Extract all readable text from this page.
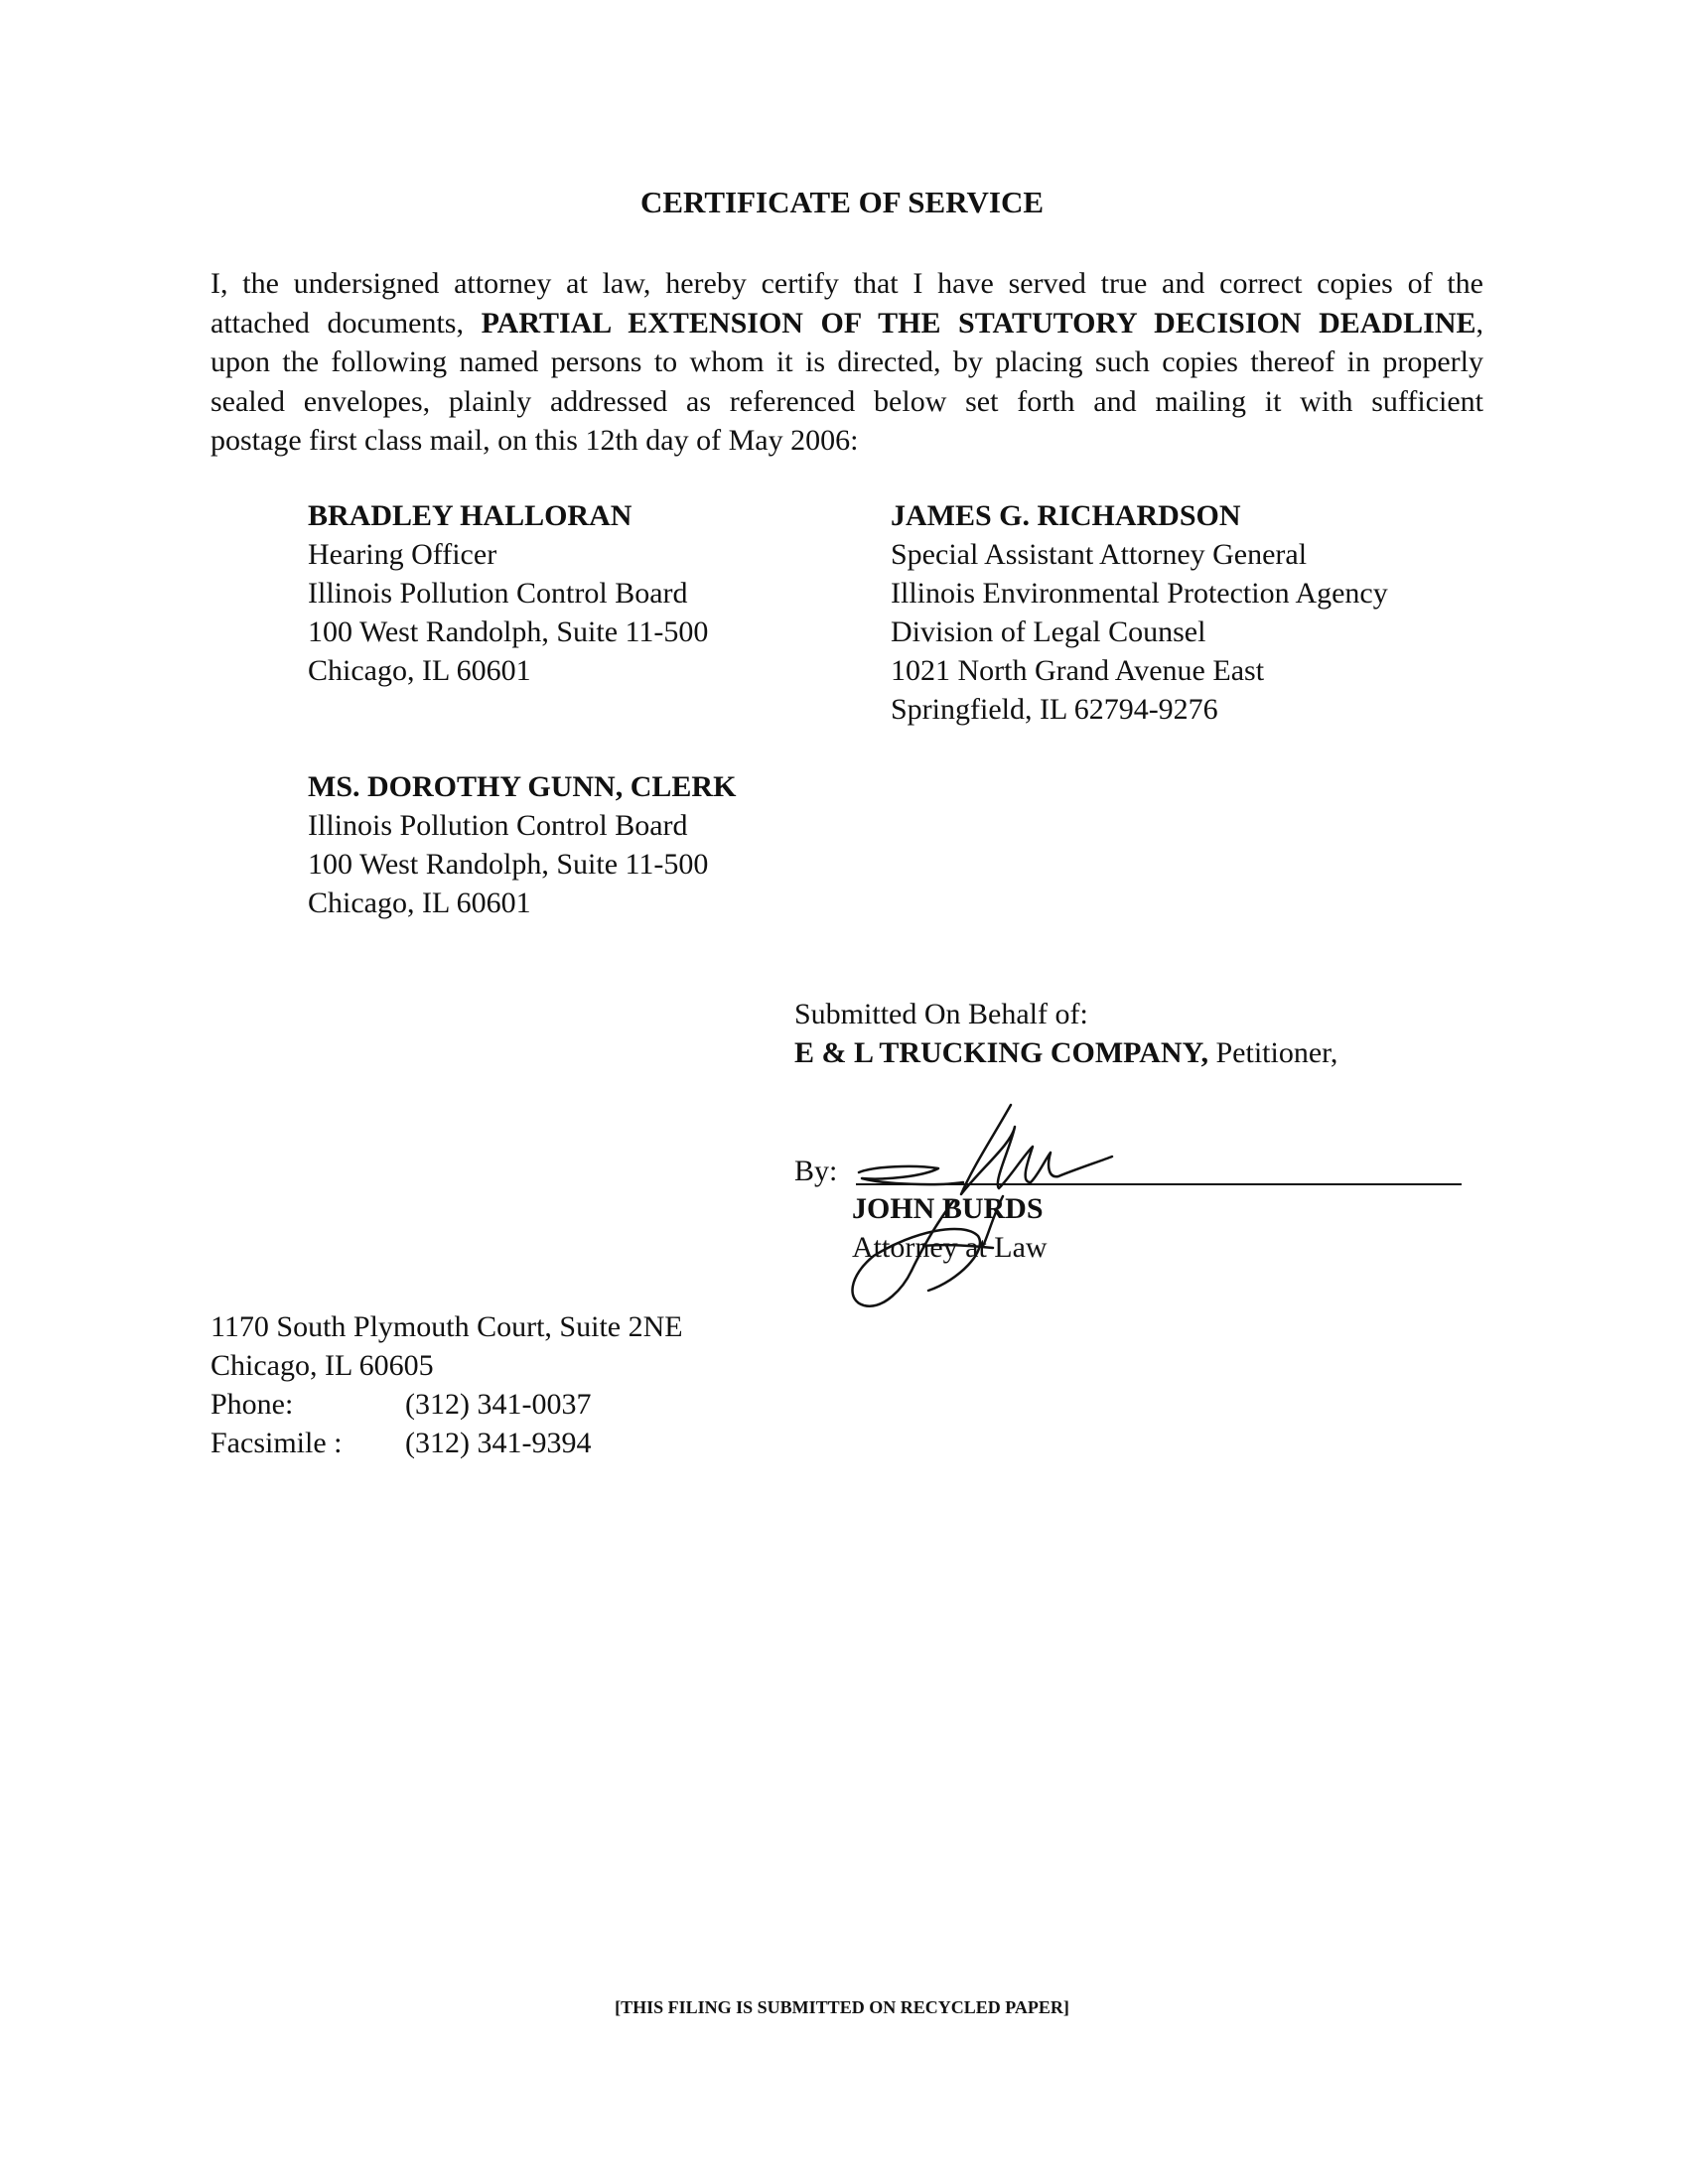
CERTIFICATE OF SERVICE
I, the undersigned attorney at law, hereby certify that I have served true and correct copies of the
attached documents, PARTIAL EXTENSION OF THE STATUTORY DECISION DEADLINE,
upon the following named persons to whom it is directed, by placing such copies thereof in properly
sealed envelopes, plainly addressed as referenced below set forth and mailing it with sufficient
postage first class mail, on this 12th day of May 2006:
BRADLEY HALLORAN
Hearing Officer
Illinois Pollution Control Board
100 West Randolph, Suite 11-500
Chicago, IL 60601
JAMES G. RICHARDSON
Special Assistant Attorney General
Illinois Environmental Protection Agency
Division of Legal Counsel
1021 North Grand Avenue East
Springfield, IL 62794-9276
MS. DOROTHY GUNN, CLERK
Illinois Pollution Control Board
100 West Randolph, Suite 11-500
Chicago, IL 60601
Submitted On Behalf of:
E & L TRUCKING COMPANY, Petitioner,
By:
JOHN BURDS
Attorney at Law
1170 South Plymouth Court, Suite 2NE
Chicago, IL 60605
Phone:	(312) 341-0037
Facsimile :	(312) 341-9394
[THIS FILING IS SUBMITTED ON RECYCLED PAPER]
